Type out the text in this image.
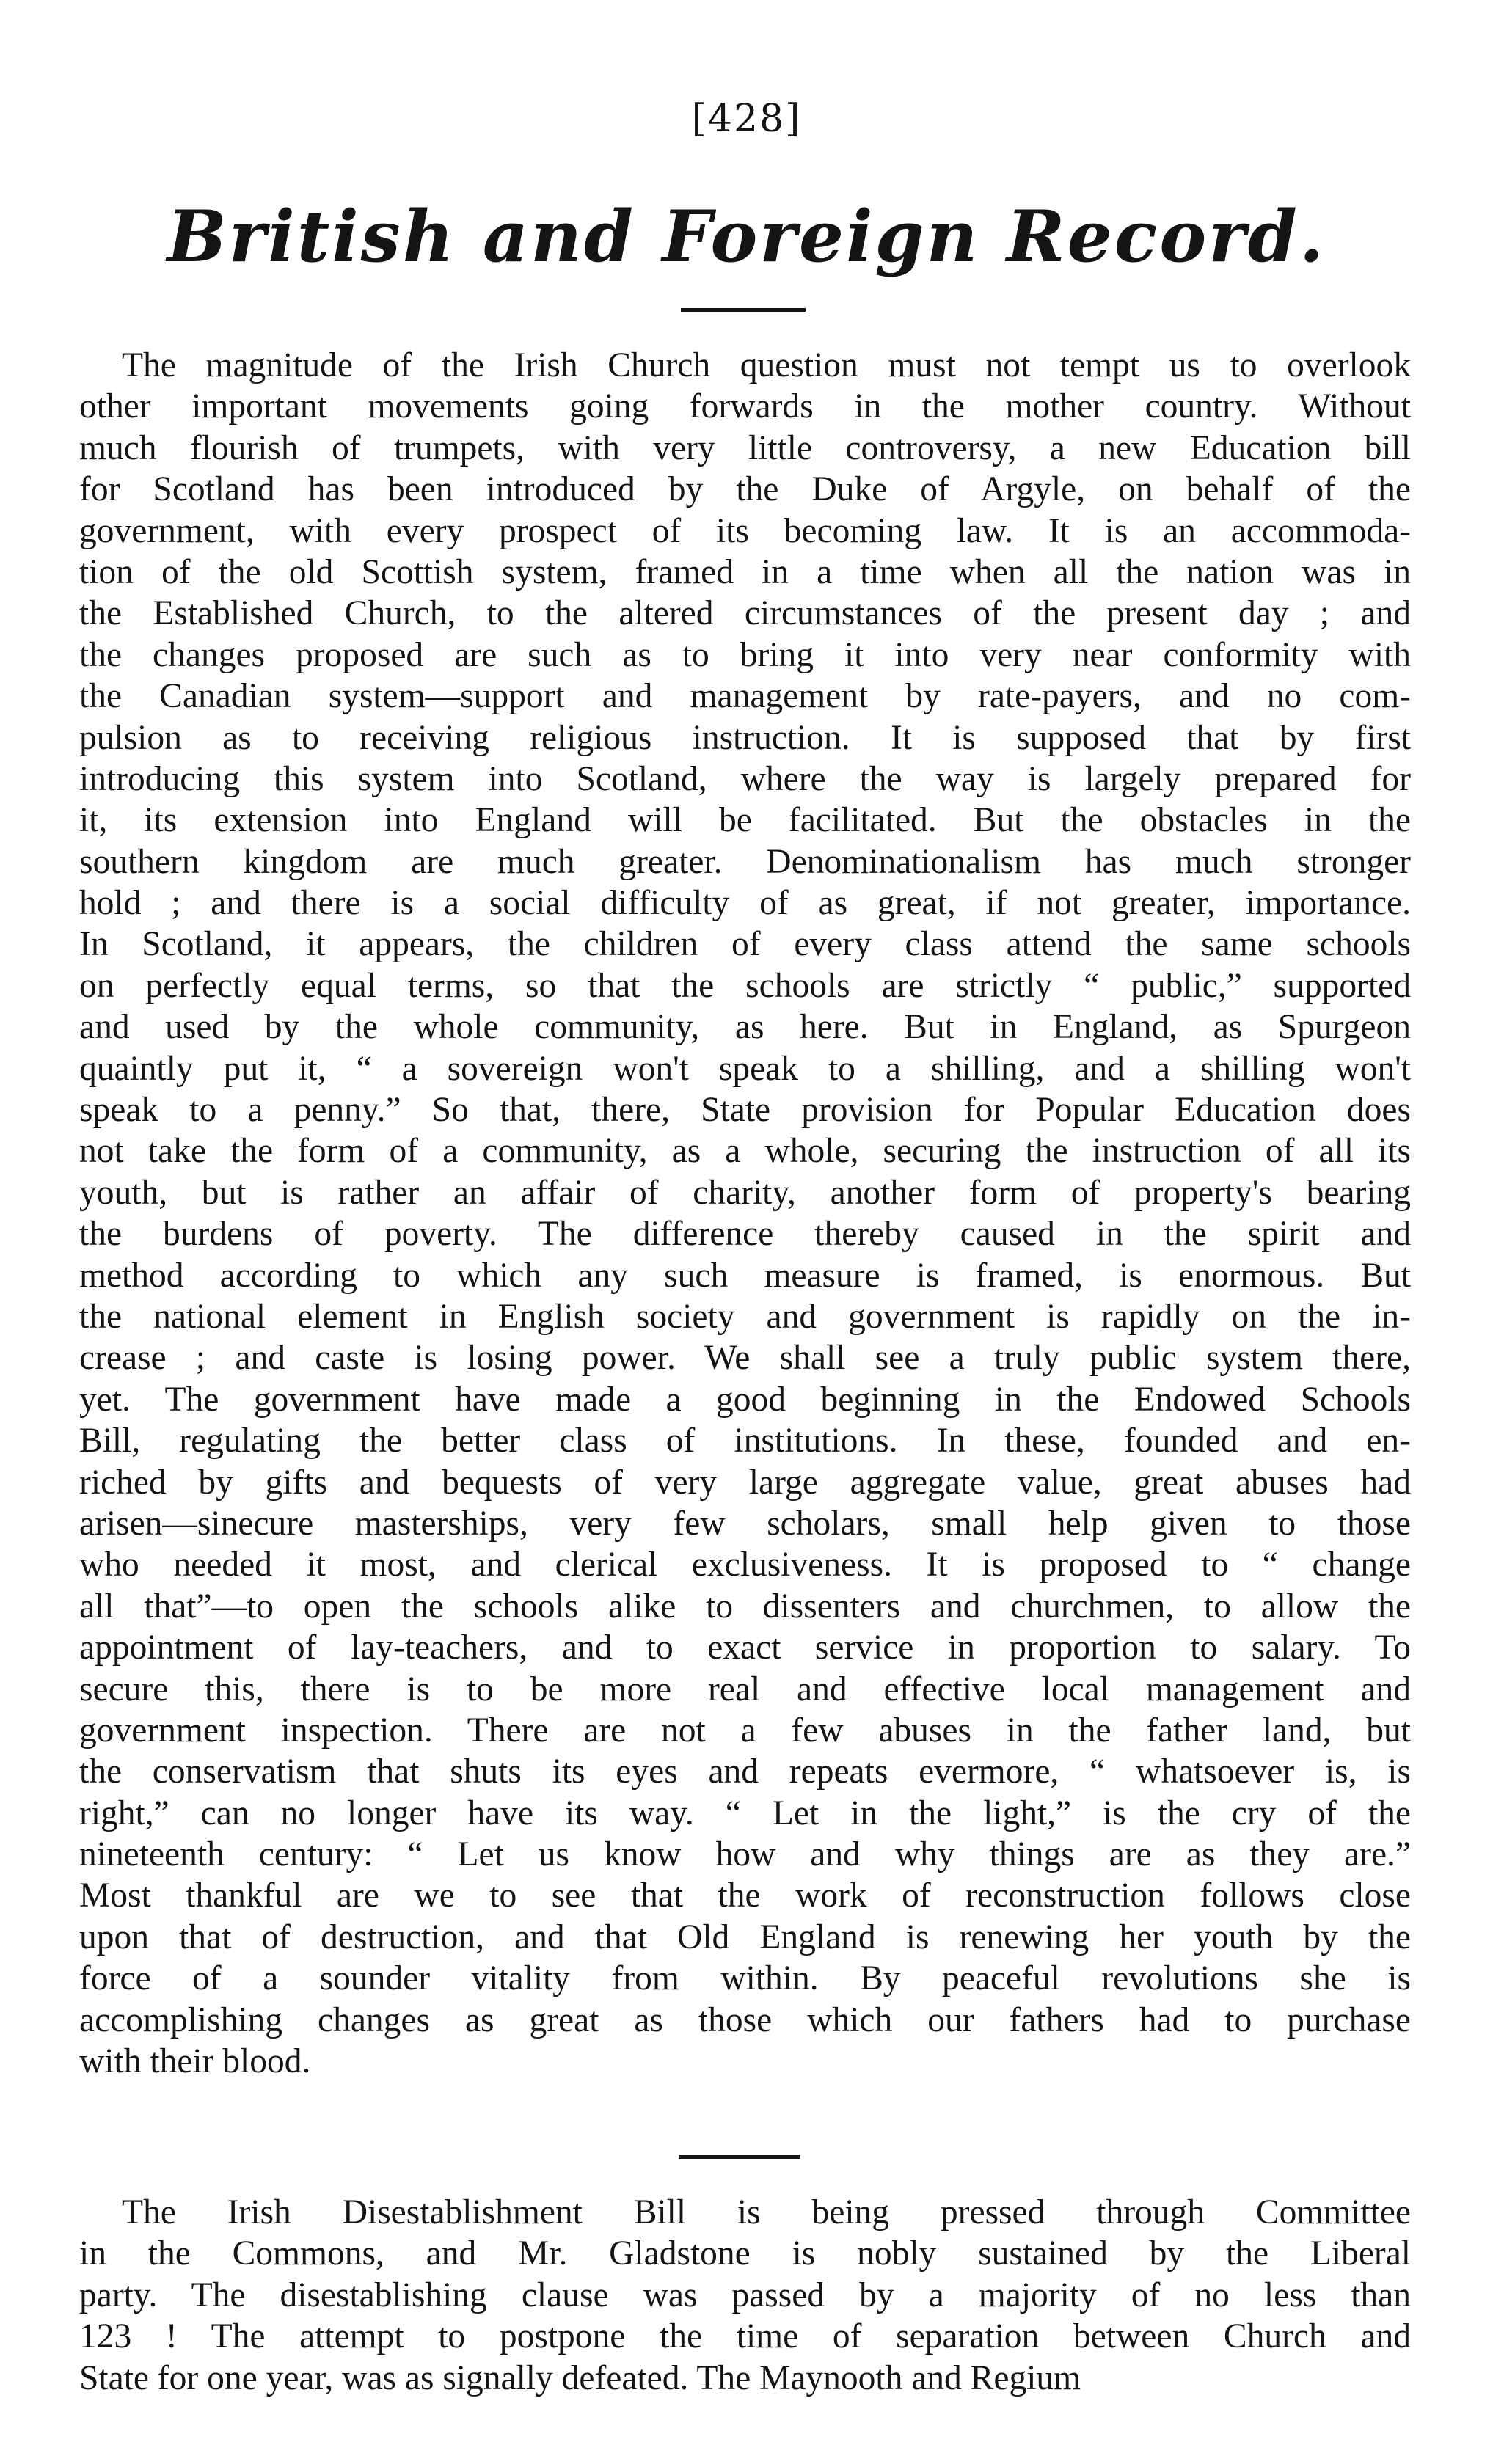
[428]
British and Foreign Record.
The magnitude of the Irish Church question must not tempt us to overlook
other important movements going forwards in the mother country. Without
much flourish of trumpets, with very little controversy, a new Education bill
for Scotland has been introduced by the Duke of Argyle, on behalf of the
government, with every prospect of its becoming law. It is an accommoda-
tion of the old Scottish system, framed in a time when all the nation was in
the Established Church, to the altered circumstances of the present day ; and
the changes proposed are such as to bring it into very near conformity with
the Canadian system—support and management by rate-payers, and no com-
pulsion as to receiving religious instruction. It is supposed that by first
introducing this system into Scotland, where the way is largely prepared for
it, its extension into England will be facilitated. But the obstacles in the
southern kingdom are much greater. Denominationalism has much stronger
hold ; and there is a social difficulty of as great, if not greater, importance.
In Scotland, it appears, the children of every class attend the same schools
on perfectly equal terms, so that the schools are strictly “ public,” supported
and used by the whole community, as here. But in England, as Spurgeon
quaintly put it, “ a sovereign won't speak to a shilling, and a shilling won't
speak to a penny.” So that, there, State provision for Popular Education does
not take the form of a community, as a whole, securing the instruction of all its
youth, but is rather an affair of charity, another form of property's bearing
the burdens of poverty. The difference thereby caused in the spirit and
method according to which any such measure is framed, is enormous. But
the national element in English society and government is rapidly on the in-
crease ; and caste is losing power. We shall see a truly public system there,
yet. The government have made a good beginning in the Endowed Schools
Bill, regulating the better class of institutions. In these, founded and en-
riched by gifts and bequests of very large aggregate value, great abuses had
arisen—sinecure masterships, very few scholars, small help given to those
who needed it most, and clerical exclusiveness. It is proposed to “ change
all that”—to open the schools alike to dissenters and churchmen, to allow the
appointment of lay-teachers, and to exact service in proportion to salary. To
secure this, there is to be more real and effective local management and
government inspection. There are not a few abuses in the father land, but
the conservatism that shuts its eyes and repeats evermore, “ whatsoever is, is
right,” can no longer have its way. “ Let in the light,” is the cry of the
nineteenth century: “ Let us know how and why things are as they are.”
Most thankful are we to see that the work of reconstruction follows close
upon that of destruction, and that Old England is renewing her youth by the
force of a sounder vitality from within. By peaceful revolutions she is
accomplishing changes as great as those which our fathers had to purchase
with their blood.
The Irish Disestablishment Bill is being pressed through Committee
in the Commons, and Mr. Gladstone is nobly sustained by the Liberal
party. The disestablishing clause was passed by a majority of no less than
123 ! The attempt to postpone the time of separation between Church and
State for one year, was as signally defeated. The Maynooth and Regium
